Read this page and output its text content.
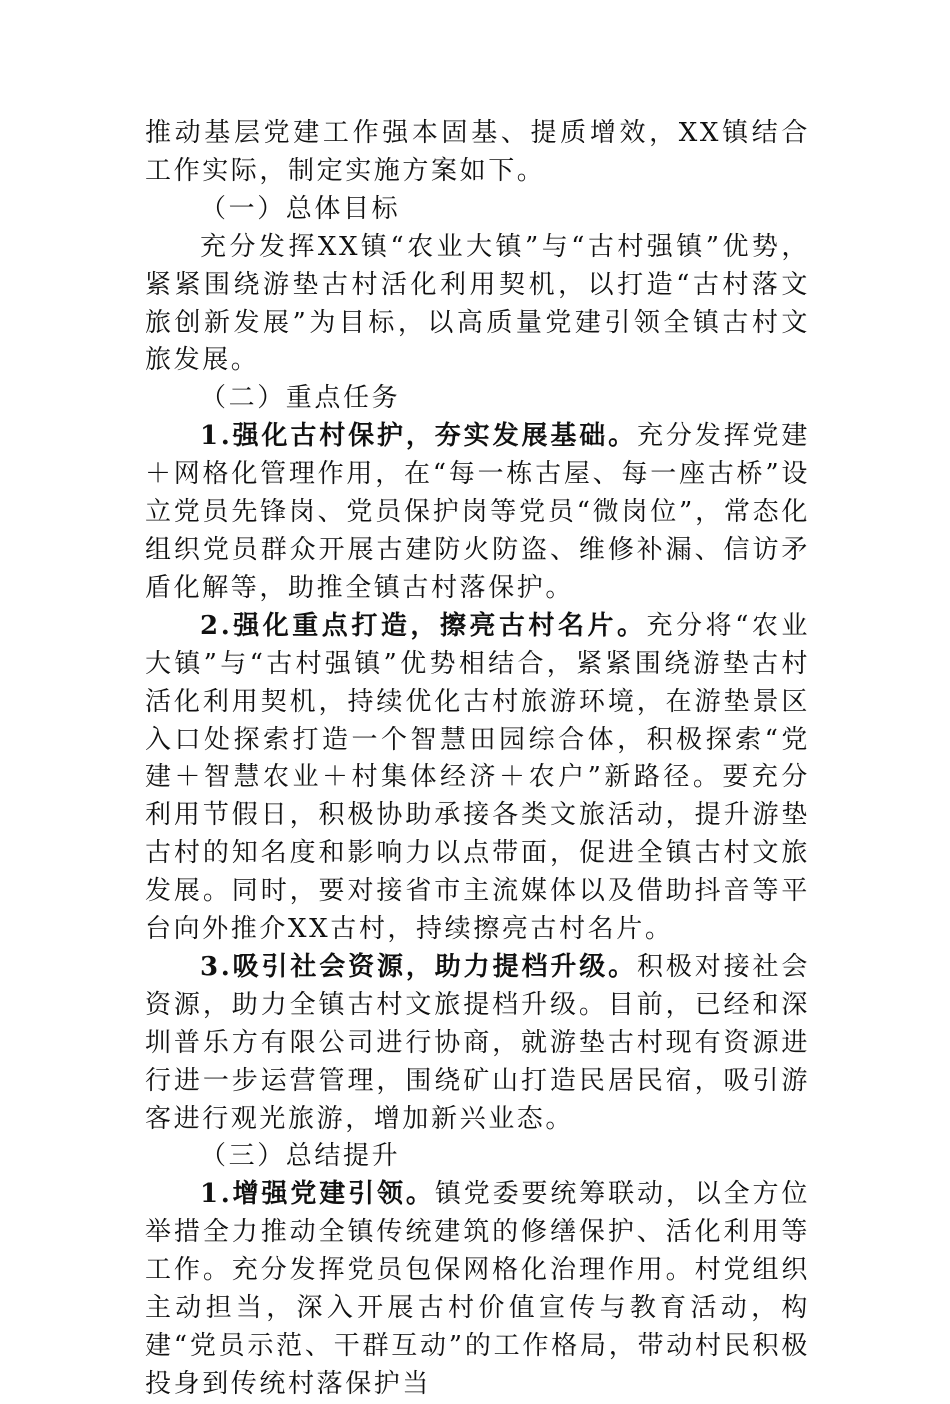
推动基层党建工作强本固基、提质增效，XX镇结合工作实际，制定实施方案如下。

（一）总体目标

充分发挥XX镇“农业大镇”与“古村强镇”优势，紧紧围绕游垫古村活化利用契机，以打造“古村落文旅创新发展”为目标，以高质量党建引领全镇古村文旅发展。

（二）重点任务

1.强化古村保护，夯实发展基础。充分发挥党建＋网格化管理作用，在“每一栋古屋、每一座古桥”设立党员先锋岗、党员保护岗等党员“微岗位”，常态化组织党员群众开展古建防火防盗、维修补漏、信访矛盾化解等，助推全镇古村落保护。

2.强化重点打造，擦亮古村名片。充分将“农业大镇”与“古村强镇”优势相结合，紧紧围绕游垫古村活化利用契机，持续优化古村旅游环境，在游垫景区入口处探索打造一个智慧田园综合体，积极探索“党建＋智慧农业＋村集体经济＋农户”新路径。要充分利用节假日，积极协助承接各类文旅活动，提升游垫古村的知名度和影响力以点带面，促进全镇古村文旅发展。同时，要对接省市主流媒体以及借助抖音等平台向外推介XX古村，持续擦亮古村名片。

3.吸引社会资源，助力提档升级。积极对接社会资源，助力全镇古村文旅提档升级。目前，已经和深圳普乐方有限公司进行协商，就游垫古村现有资源进行进一步运营管理，围绕矿山打造民居民宿，吸引游客进行观光旅游，增加新兴业态。

（三）总结提升

1.增强党建引领。镇党委要统筹联动，以全方位举措全力推动全镇传统建筑的修缮保护、活化利用等工作。充分发挥党员包保网格化治理作用。村党组织主动担当，深入开展古村价值宣传与教育活动，构建“党员示范、干群互动”的工作格局，带动村民积极投身到传统村落保护当
